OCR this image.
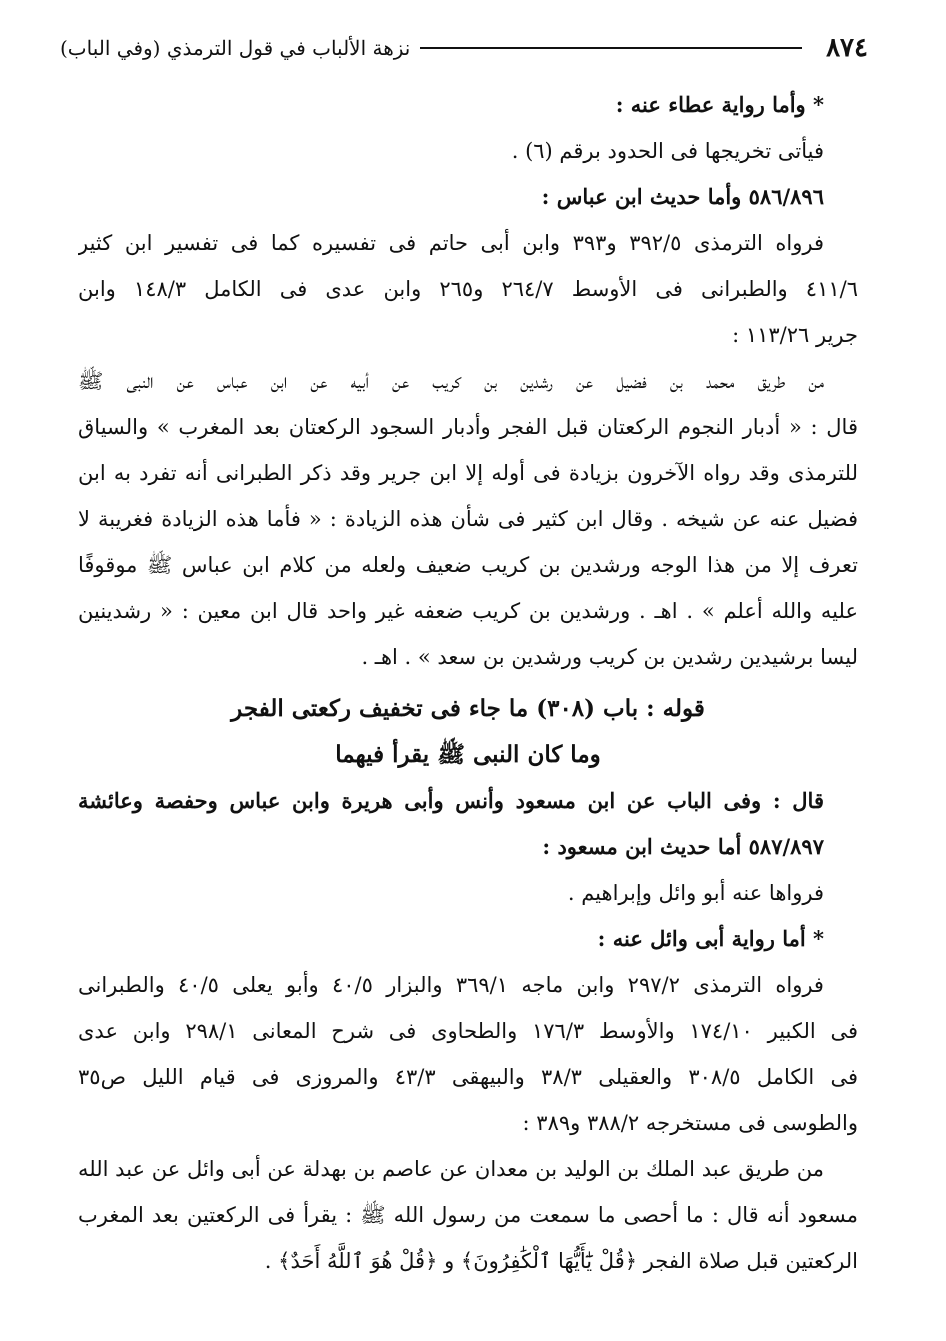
٨٧٤
نزهة الألباب في قول الترمذي (وفي الباب)
* وأما رواية عطاء عنه :
فيأتى تخريجها فى الحدود برقم (٦) .
٥٨٦/٨٩٦ وأما حديث ابن عباس :
فرواه الترمذى ٣٩٢/٥ و٣٩٣ وابن أبى حاتم فى تفسيره كما فى تفسير ابن كثير
٤١١/٦ والطبرانى فى الأوسط ٢٦٤/٧ و٢٦٥ وابن عدى فى الكامل ١٤٨/٣ وابن
جرير ١١٣/٢٦ :
من طريق محمد بن فضيل عن رشدين بن كريب عن أبيه عن ابن عباس عن النبى ﷺ
قال : « أدبار النجوم الركعتان قبل الفجر وأدبار السجود الركعتان بعد المغرب » والسياق
للترمذى وقد رواه الآخرون بزيادة فى أوله إلا ابن جرير وقد ذكر الطبرانى أنه تفرد به ابن
فضيل عنه عن شيخه . وقال ابن كثير فى شأن هذه الزيادة : « فأما هذه الزيادة فغريبة لا
تعرف إلا من هذا الوجه ورشدين بن كريب ضعيف ولعله من كلام ابن عباس ﷺ موقوفًا
عليه والله أعلم » . اهـ . ورشدين بن كريب ضعفه غير واحد قال ابن معين : « رشدينين
ليسا برشيدين رشدين بن كريب ورشدين بن سعد » . اهـ .
قوله : باب (٣٠٨) ما جاء فى تخفيف ركعتى الفجر
وما كان النبى ﷺ يقرأ فيهما
قال : وفى الباب عن ابن مسعود وأنس وأبى هريرة وابن عباس وحفصة وعائشة
٥٨٧/٨٩٧ أما حديث ابن مسعود :
فرواها عنه أبو وائل وإبراهيم .
* أما رواية أبى وائل عنه :
فرواه الترمذى ٢٩٧/٢ وابن ماجه ٣٦٩/١ والبزار ٤٠/٥ وأبو يعلى ٤٠/٥ والطبرانى
فى الكبير ١٧٤/١٠ والأوسط ١٧٦/٣ والطحاوى فى شرح المعانى ٢٩٨/١ وابن عدى
فى الكامل ٣٠٨/٥ والعقيلى ٣٨/٣ والبيهقى ٤٣/٣ والمروزى فى قيام الليل ص٣٥
والطوسى فى مستخرجه ٣٨٨/٢ و٣٨٩ :
من طريق عبد الملك بن الوليد بن معدان عن عاصم بن بهدلة عن أبى وائل عن عبد الله
مسعود أنه قال : ما أحصى ما سمعت من رسول الله ﷺ : يقرأ فى الركعتين بعد المغرب
الركعتين قبل صلاة الفجر ﴿قُلْ يَٰٓأَيُّهَا ٱلْكَٰفِرُونَ﴾ و ﴿قُلْ هُوَ ٱللَّهُ أَحَدٌ﴾ .
